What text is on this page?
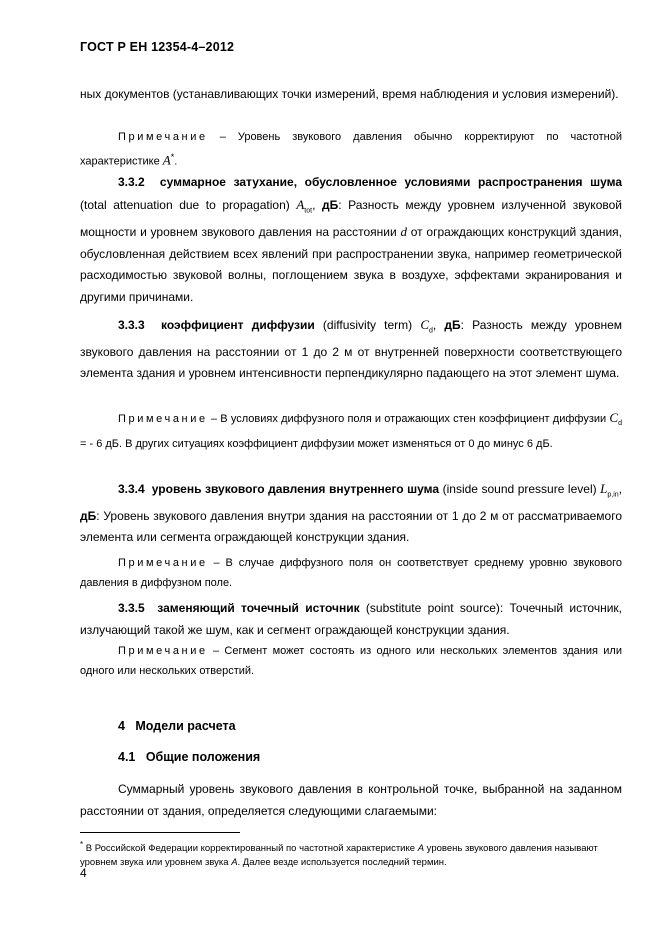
ГОСТ Р ЕН 12354-4–2012
ных документов (устанавливающих точки измерений, время наблюдения и условия измерений).
Примечание – Уровень звукового давления обычно корректируют по частотной характеристике A*.
3.3.2 суммарное затухание, обусловленное условиями распространения шума (total attenuation due to propagation) $A_{tot}$, дБ: Разность между уровнем излученной звуковой мощности и уровнем звукового давления на расстоянии d от ограждающих конструкций здания, обусловленная действием всех явлений при распространении звука, например геометрической расходимостью звуковой волны, поглощением звука в воздухе, эффектами экранирования и другими причинами.
3.3.3 коэффициент диффузии (diffusivity term) $C_d$, дБ: Разность между уровнем звукового давления на расстоянии от 1 до 2 м от внутренней поверхности соответствующего элемента здания и уровнем интенсивности перпендикулярно падающего на этот элемент шума.
Примечание – В условиях диффузного поля и отражающих стен коэффициент диффузии $C_d$ = - 6 дБ. В других ситуациях коэффициент диффузии может изменяться от 0 до минус 6 дБ.
3.3.4 уровень звукового давления внутреннего шума (inside sound pressure level) $L_{p,in}$, дБ: Уровень звукового давления внутри здания на расстоянии от 1 до 2 м от рассматриваемого элемента или сегмента ограждающей конструкции здания.
Примечание – В случае диффузного поля он соответствует среднему уровню звукового давления в диффузном поле.
3.3.5 заменяющий точечный источник (substitute point source): Точечный источник, излучающий такой же шум, как и сегмент ограждающей конструкции здания.
Примечание – Сегмент может состоять из одного или нескольких элементов здания или одного или нескольких отверстий.
4 Модели расчета
4.1 Общие положения
Суммарный уровень звукового давления в контрольной точке, выбранной на заданном расстоянии от здания, определяется следующими слагаемыми:
* В Российской Федерации корректированный по частотной характеристике A уровень звукового давления называют уровнем звука или уровнем звука A. Далее везде используется последний термин.
4
